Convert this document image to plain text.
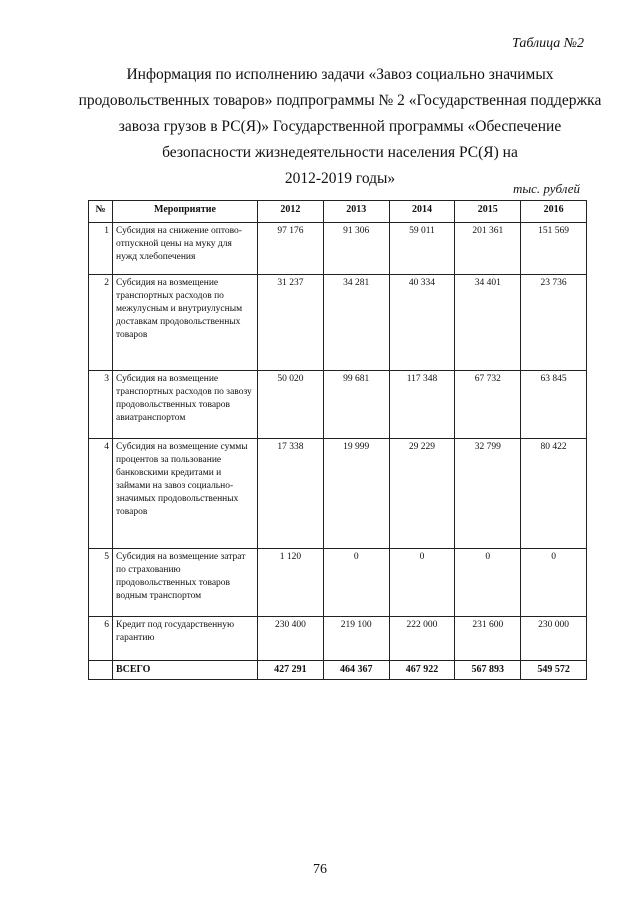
Таблица №2
Информация по исполнению задачи «Завоз социально значимых
продовольственных товаров» подпрограммы № 2 «Государственная поддержка
завоза грузов в РС(Я)» Государственной программы «Обеспечение
безопасности жизнедеятельности населения РС(Я) на
2012-2019 годы»
тыс. рублей
№	Мероприятие	2012	2013	2014	2015	2016
1	Субсидия на снижение оптово-отпускной цены на муку для нужд хлебопечения	97 176	91 306	59 011	201 361	151 569
2	Субсидия на возмещение транспортных расходов по межулусным и внутриулусным доставкам продовольственных товаров	31 237	34 281	40 334	34 401	23 736
3	Субсидия на возмещение транспортных расходов по завозу продовольственных товаров авиатранспортом	50 020	99 681	117 348	67 732	63 845
4	Субсидия на возмещение суммы процентов за пользование банковскими кредитами и займами на завоз социально-значимых продовольственных товаров	17 338	19 999	29 229	32 799	80 422
5	Субсидия на возмещение затрат по страхованию продовольственных товаров водным транспортом	1 120	0	0	0	0
6	Кредит под государственную гарантию	230 400	219 100	222 000	231 600	230 000
	ВСЕГО	427 291	464 367	467 922	567 893	549 572
76
